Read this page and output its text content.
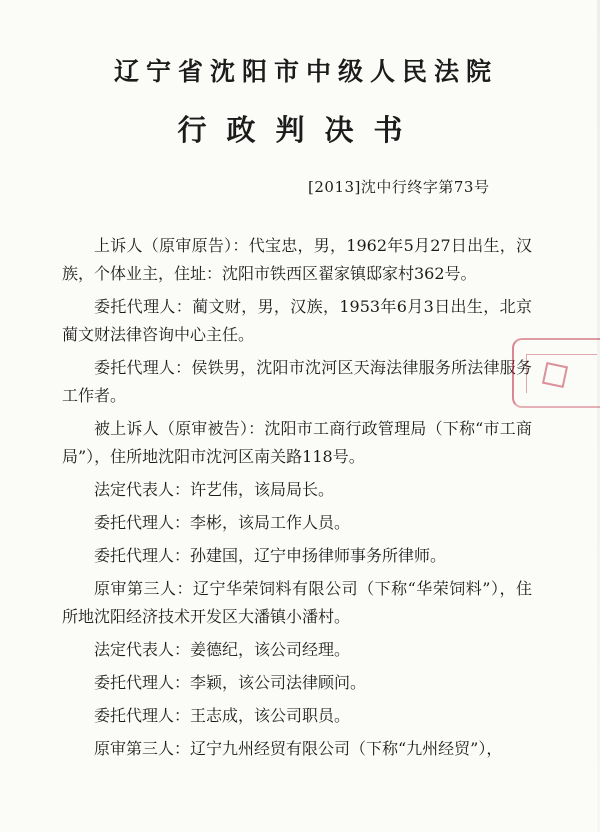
辽宁省沈阳市中级人民法院
行政判决书
[2013]沈中行终字第73号

上诉人（原审原告）：代宝忠，男，1962年5月27日出生，汉族，个体业主，住址：沈阳市铁西区翟家镇邸家村362号。

委托代理人：蔺文财，男，汉族，1953年6月3日出生，北京蔺文财法律咨询中心主任。

委托代理人：侯铁男，沈阳市沈河区天海法律服务所法律服务工作者。

被上诉人（原审被告）：沈阳市工商行政管理局（下称“市工商局”），住所地沈阳市沈河区南关路118号。

法定代表人：许艺伟，该局局长。

委托代理人：李彬，该局工作人员。

委托代理人：孙建国，辽宁申扬律师事务所律师。

原审第三人：辽宁华荣饲料有限公司（下称“华荣饲料”），住所地沈阳经济技术开发区大潘镇小潘村。

法定代表人：姜德纪，该公司经理。

委托代理人：李颖，该公司法律顾问。

委托代理人：王志成，该公司职员。

原审第三人：辽宁九州经贸有限公司（下称“九州经贸”），
